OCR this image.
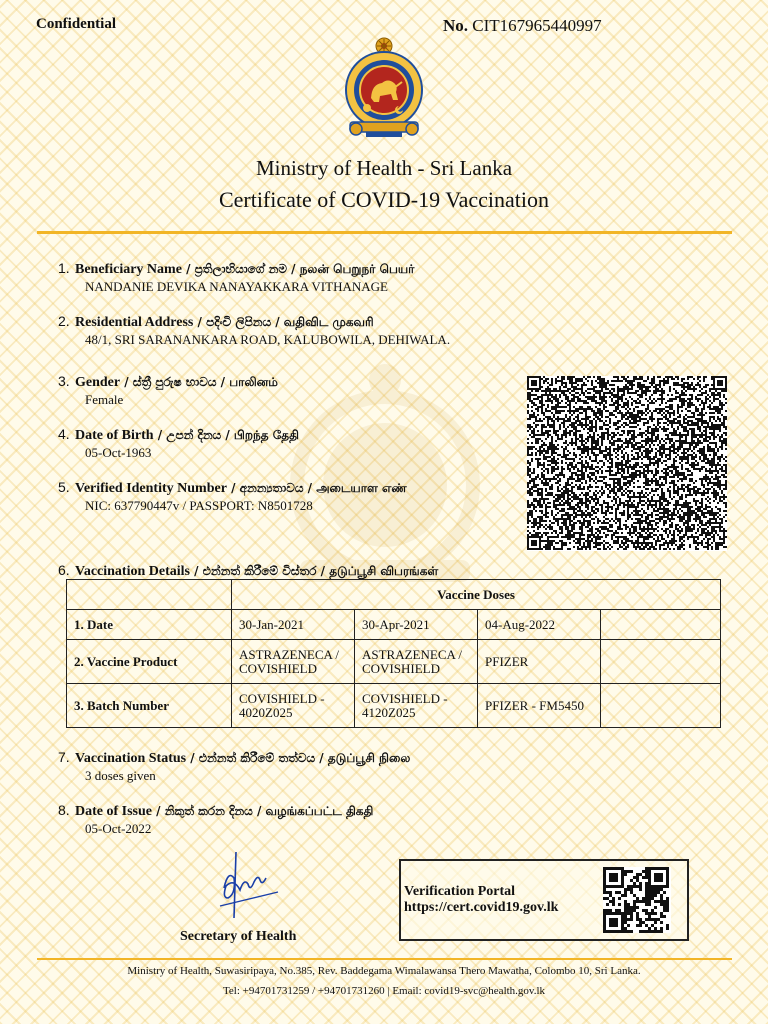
Confidential	No. CIT167965440997
Ministry of Health - Sri Lanka
Certificate of COVID-19 Vaccination
1. Beneficiary Name / ප්‍රතිලාභියාගේ නම / நலன் பெறுநர் பெயர்
NANDANIE DEVIKA NANAYAKKARA VITHANAGE
2. Residential Address / පදිංචි ලිපිනය / வதிவிட முகவரி
48/1, SRI SARANANKARA ROAD, KALUBOWILA, DEHIWALA.
3. Gender / ස්ත්‍රී පුරුෂ භාවය / பாலினம்
Female
4. Date of Birth / උපන් දිනය / பிறந்த தேதி
05-Oct-1963
5. Verified Identity Number / අනන්‍යතාවය / அடையாள எண்
NIC: 637790447v / PASSPORT: N8501728
6. Vaccination Details / එන්නත් කිරීමේ විස්තර / தடுப்பூசி விபரங்கள்
	Vaccine Doses			
1. Date	30-Jan-2021	30-Apr-2021	04-Aug-2022	
2. Vaccine Product	ASTRAZENECA / COVISHIELD	ASTRAZENECA / COVISHIELD	PFIZER	
3. Batch Number	COVISHIELD - 4020Z025	COVISHIELD - 4120Z025	PFIZER - FM5450	
7. Vaccination Status / එන්නත් කිරීමේ තත්වය / தடுப்பூசி நிலை
3 doses given
8. Date of Issue / නිකුත් කරන දිනය / வழங்கப்பட்ட திகதி
05-Oct-2022
Secretary of Health
Verification Portal
https://cert.covid19.gov.lk
Ministry of Health, Suwasiripaya, No.385, Rev. Baddegama Wimalawansa Thero Mawatha, Colombo 10, Sri Lanka.
Tel: +94701731259 / +94701731260 | Email: covid19-svc@health.gov.lk
